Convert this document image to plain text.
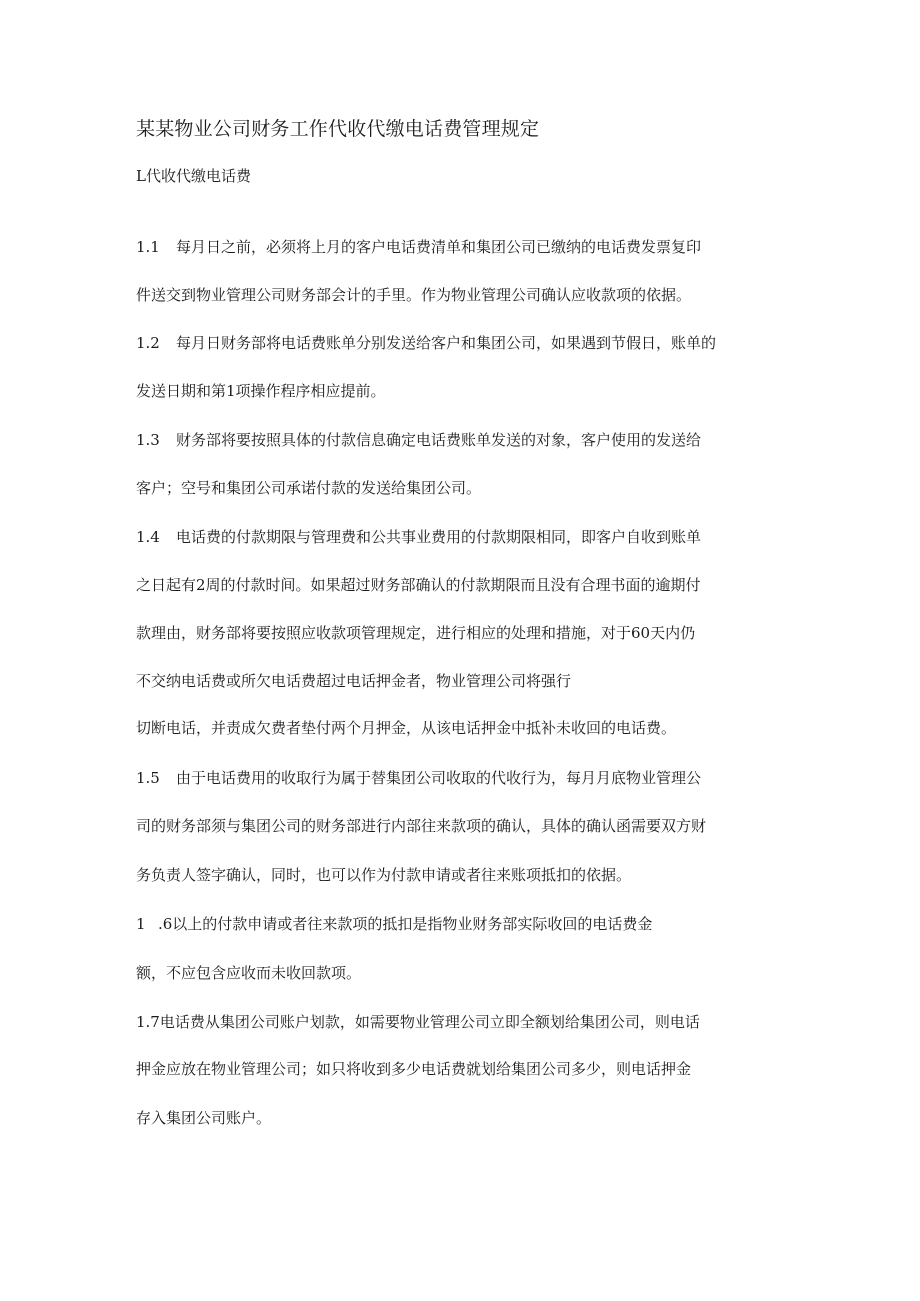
某某物业公司财务工作代收代缴电话费管理规定
L代收代缴电话费
1.1 每月日之前，必须将上月的客户电话费清单和集团公司已缴纳的电话费发票复印
件送交到物业管理公司财务部会计的手里。作为物业管理公司确认应收款项的依据。
1.2 每月日财务部将电话费账单分别发送给客户和集团公司，如果遇到节假日，账单的
发送日期和第1项操作程序相应提前。
1.3 财务部将要按照具体的付款信息确定电话费账单发送的对象，客户使用的发送给
客户；空号和集团公司承诺付款的发送给集团公司。
1.4 电话费的付款期限与管理费和公共事业费用的付款期限相同，即客户自收到账单
之日起有2周的付款时间。如果超过财务部确认的付款期限而且没有合理书面的逾期付
款理由，财务部将要按照应收款项管理规定，进行相应的处理和措施，对于60天内仍
不交纳电话费或所欠电话费超过电话押金者，物业管理公司将强行
切断电话，并责成欠费者垫付两个月押金，从该电话押金中抵补未收回的电话费。
1.5 由于电话费用的收取行为属于替集团公司收取的代收行为，每月月底物业管理公
司的财务部须与集团公司的财务部进行内部往来款项的确认，具体的确认函需要双方财
务负责人签字确认，同时，也可以作为付款申请或者往来账项抵扣的依据。
1 .6以上的付款申请或者往来款项的抵扣是指物业财务部实际收回的电话费金
额，不应包含应收而未收回款项。
1.7电话费从集团公司账户划款，如需要物业管理公司立即全额划给集团公司，则电话
押金应放在物业管理公司；如只将收到多少电话费就划给集团公司多少，则电话押金
存入集团公司账户。
